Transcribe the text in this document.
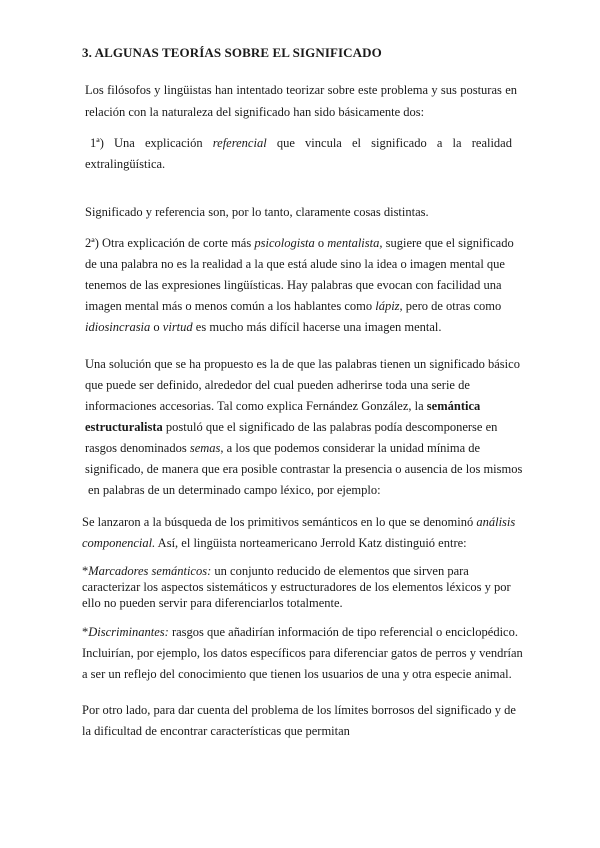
3. ALGUNAS TEORÍAS SOBRE EL SIGNIFICADO
Los filósofos y lingüistas han intentado teorizar sobre este problema y sus posturas en
relación con la naturaleza del significado han sido básicamente dos:
1ª) Una explicación referencial que vincula el significado a la realidad
extralingüística.
Significado y referencia son, por lo tanto, claramente cosas distintas.
2ª) Otra explicación de corte más psicologista o mentalista, sugiere que el significado
de una palabra no es la realidad a la que está alude sino la idea o imagen mental que
tenemos de las expresiones lingüísticas. Hay palabras que evocan con facilidad una
imagen mental más o menos común a los hablantes como lápiz, pero de otras como
idiosincrasia o virtud es mucho más difícil hacerse una imagen mental.
Una solución que se ha propuesto es la de que las palabras tienen un significado básico
que puede ser definido, alrededor del cual pueden adherirse toda una serie de
informaciones accesorias. Tal como explica Fernández González, la semántica
estructuralista postuló que el significado de las palabras podía descomponerse en
rasgos denominados semas, a los que podemos considerar la unidad mínima de
significado, de manera que era posible contrastar la presencia o ausencia de los mismos
en palabras de un determinado campo léxico, por ejemplo:
Se lanzaron a la búsqueda de los primitivos semánticos en lo que se denominó análisis
componencial. Así, el lingüista norteamericano Jerrold Katz distinguió entre:
*Marcadores semánticos: un conjunto reducido de elementos que sirven para
caracterizar los aspectos sistemáticos y estructuradores de los elementos léxicos y por
ello no pueden servir para diferenciarlos totalmente.
*Discriminantes: rasgos que añadirían información de tipo referencial o enciclopédico.
Incluirían, por ejemplo, los datos específicos para diferenciar gatos de perros y vendrían
a ser un reflejo del conocimiento que tienen los usuarios de una y otra especie animal.
Por otro lado, para dar cuenta del problema de los límites borrosos del significado y de
la dificultad de encontrar características que permitan
